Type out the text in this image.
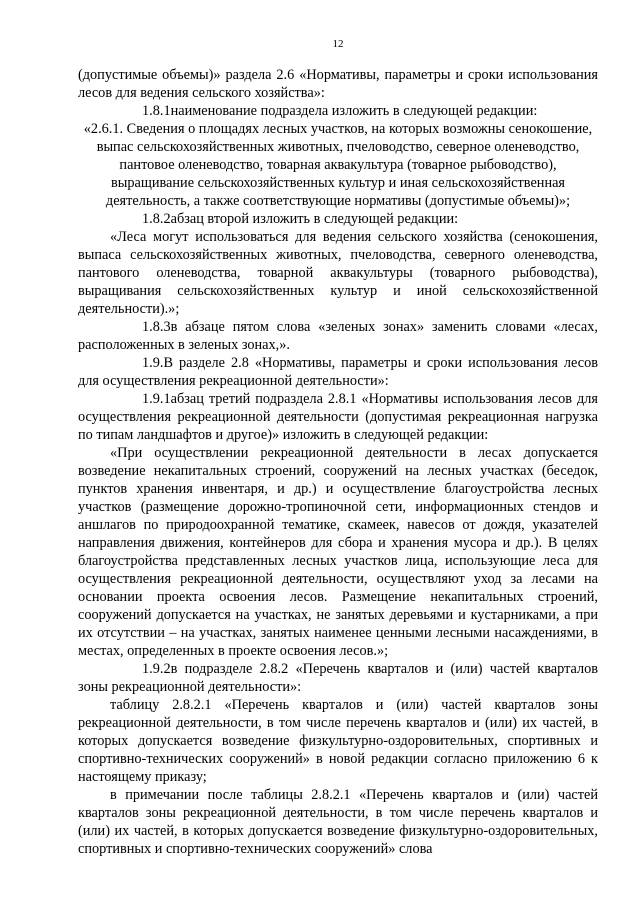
12

(допустимые объемы)» раздела 2.6 «Нормативы, параметры и сроки использования лесов для ведения сельского хозяйства»:

1.8.1наименование подраздела изложить в следующей редакции:

«2.6.1. Сведения о площадях лесных участков, на которых возможны сенокошение, выпас сельскохозяйственных животных, пчеловодство, северное оленеводство, пантовое оленеводство, товарная аквакультура (товарное рыбоводство), выращивание сельскохозяйственных культур и иная сельскохозяйственная деятельность, а также соответствующие нормативы (допустимые объемы)»;

1.8.2абзац второй изложить в следующей редакции:

«Леса могут использоваться для ведения сельского хозяйства (сенокошения, выпаса сельскохозяйственных животных, пчеловодства, северного оленеводства, пантового оленеводства, товарной аквакультуры (товарного рыбоводства), выращивания сельскохозяйственных культур и иной сельскохозяйственной деятельности).»;

1.8.3в абзаце пятом слова «зеленых зонах» заменить словами «лесах, расположенных в зеленых зонах,».

1.9.В разделе 2.8 «Нормативы, параметры и сроки использования лесов для осуществления рекреационной деятельности»:

1.9.1абзац третий подраздела 2.8.1 «Нормативы использования лесов для осуществления рекреационной деятельности (допустимая рекреационная нагрузка по типам ландшафтов и другое)» изложить в следующей редакции:

«При осуществлении рекреационной деятельности в лесах допускается возведение некапитальных строений, сооружений на лесных участках (беседок, пунктов хранения инвентаря, и др.) и осуществление благоустройства лесных участков (размещение дорожно-тропиночной сети, информационных стендов и аншлагов по природоохранной тематике, скамеек, навесов от дождя, указателей направления движения, контейнеров для сбора и хранения мусора и др.). В целях благоустройства представленных лесных участков лица, использующие леса для осуществления рекреационной деятельности, осуществляют уход за лесами на основании проекта освоения лесов. Размещение некапитальных строений, сооружений допускается на участках, не занятых деревьями и кустарниками, а при их отсутствии – на участках, занятых наименее ценными лесными насаждениями, в местах, определенных в проекте освоения лесов.»;

1.9.2в подразделе 2.8.2 «Перечень кварталов и (или) частей кварталов зоны рекреационной деятельности»:

таблицу 2.8.2.1 «Перечень кварталов и (или) частей кварталов зоны рекреационной деятельности, в том числе перечень кварталов и (или) их частей, в которых допускается возведение физкультурно-оздоровительных, спортивных и спортивно-технических сооружений» в новой редакции согласно приложению 6 к настоящему приказу;

в примечании после таблицы 2.8.2.1 «Перечень кварталов и (или) частей кварталов зоны рекреационной деятельности, в том числе перечень кварталов и (или) их частей, в которых допускается возведение физкультурно-оздоровительных, спортивных и спортивно-технических сооружений» слова
